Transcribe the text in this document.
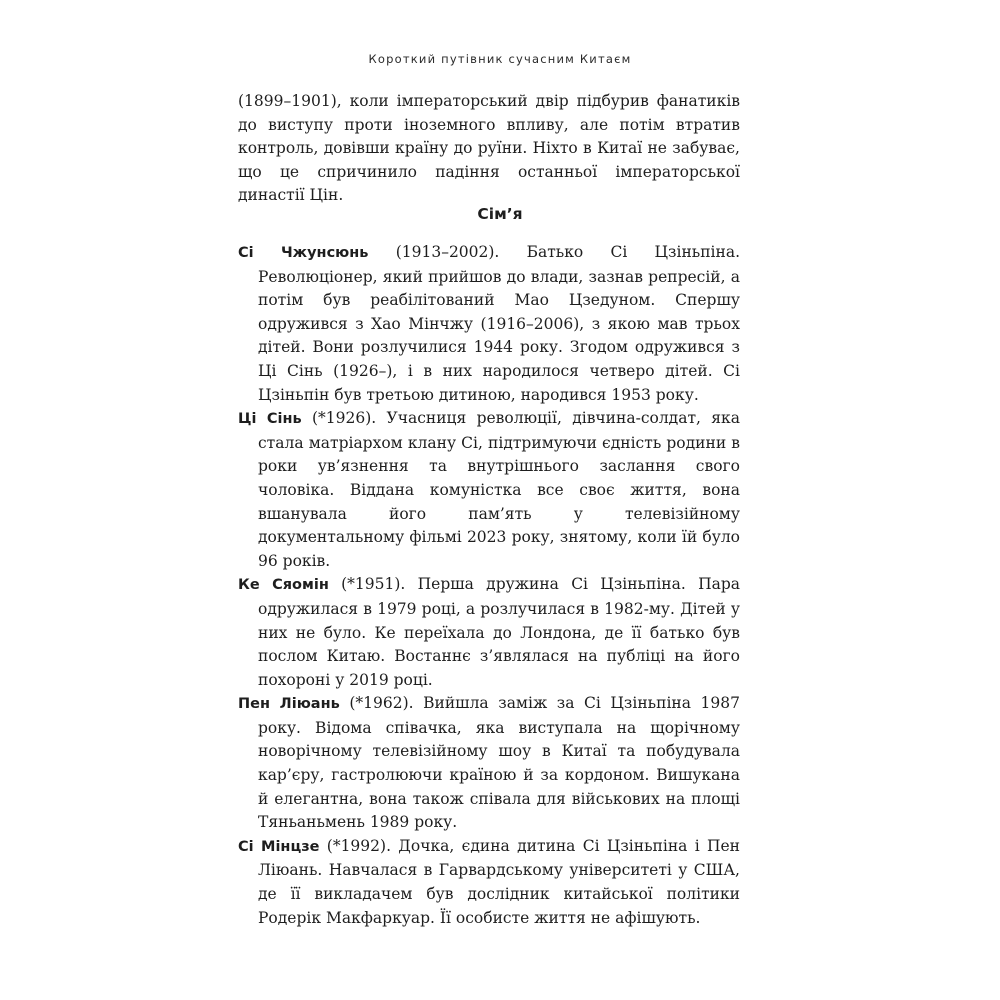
Короткий путівник сучасним Китаєм

(1899–1901), коли імператорський двір підбурив фанатиків до виступу проти іноземного впливу, але потім втратив контроль, довівши країну до руїни. Ніхто в Китаї не забуває, що це спричинило падіння останньої імператорської династії Цін.

Сім’я

Сі Чжунсюнь (1913–2002). Батько Сі Цзіньпіна. Революціонер, який прийшов до влади, зазнав репресій, а потім був реабілітований Мао Цзедуном. Спершу одружився з Хао Мінчжу (1916–2006), з якою мав трьох дітей. Вони розлучилися 1944 року. Згодом одружився з Ці Сінь (1926–), і в них народилося четверо дітей. Сі Цзіньпін був третьою дитиною, народився 1953 року.

Ці Сінь (*1926). Учасниця революції, дівчина-солдат, яка стала матріархом клану Сі, підтримуючи єдність родини в роки ув’язнення та внутрішнього заслання свого чоловіка. Віддана комуністка все своє життя, вона вшанувала його пам’ять у телевізійному документальному фільмі 2023 року, знятому, коли їй було 96 років.

Ке Сяомін (*1951). Перша дружина Сі Цзіньпіна. Пара одружилася в 1979 році, а розлучилася в 1982-му. Дітей у них не було. Ке переїхала до Лондона, де її батько був послом Китаю. Востаннє з’являлася на публіці на його похороні у 2019 році.

Пен Ліюань (*1962). Вийшла заміж за Сі Цзіньпіна 1987 року. Відома співачка, яка виступала на щорічному новорічному телевізійному шоу в Китаї та побудувала кар’єру, гастролюючи країною й за кордоном. Вишукана й елегантна, вона також співала для військових на площі Тяньаньмень 1989 року.

Сі Мінцзе (*1992). Дочка, єдина дитина Сі Цзіньпіна і Пен Ліюань. Навчалася в Гарвардському університеті у США, де її викладачем був дослідник китайської політики Родерік Макфаркуар. Її особисте життя не афішують.
